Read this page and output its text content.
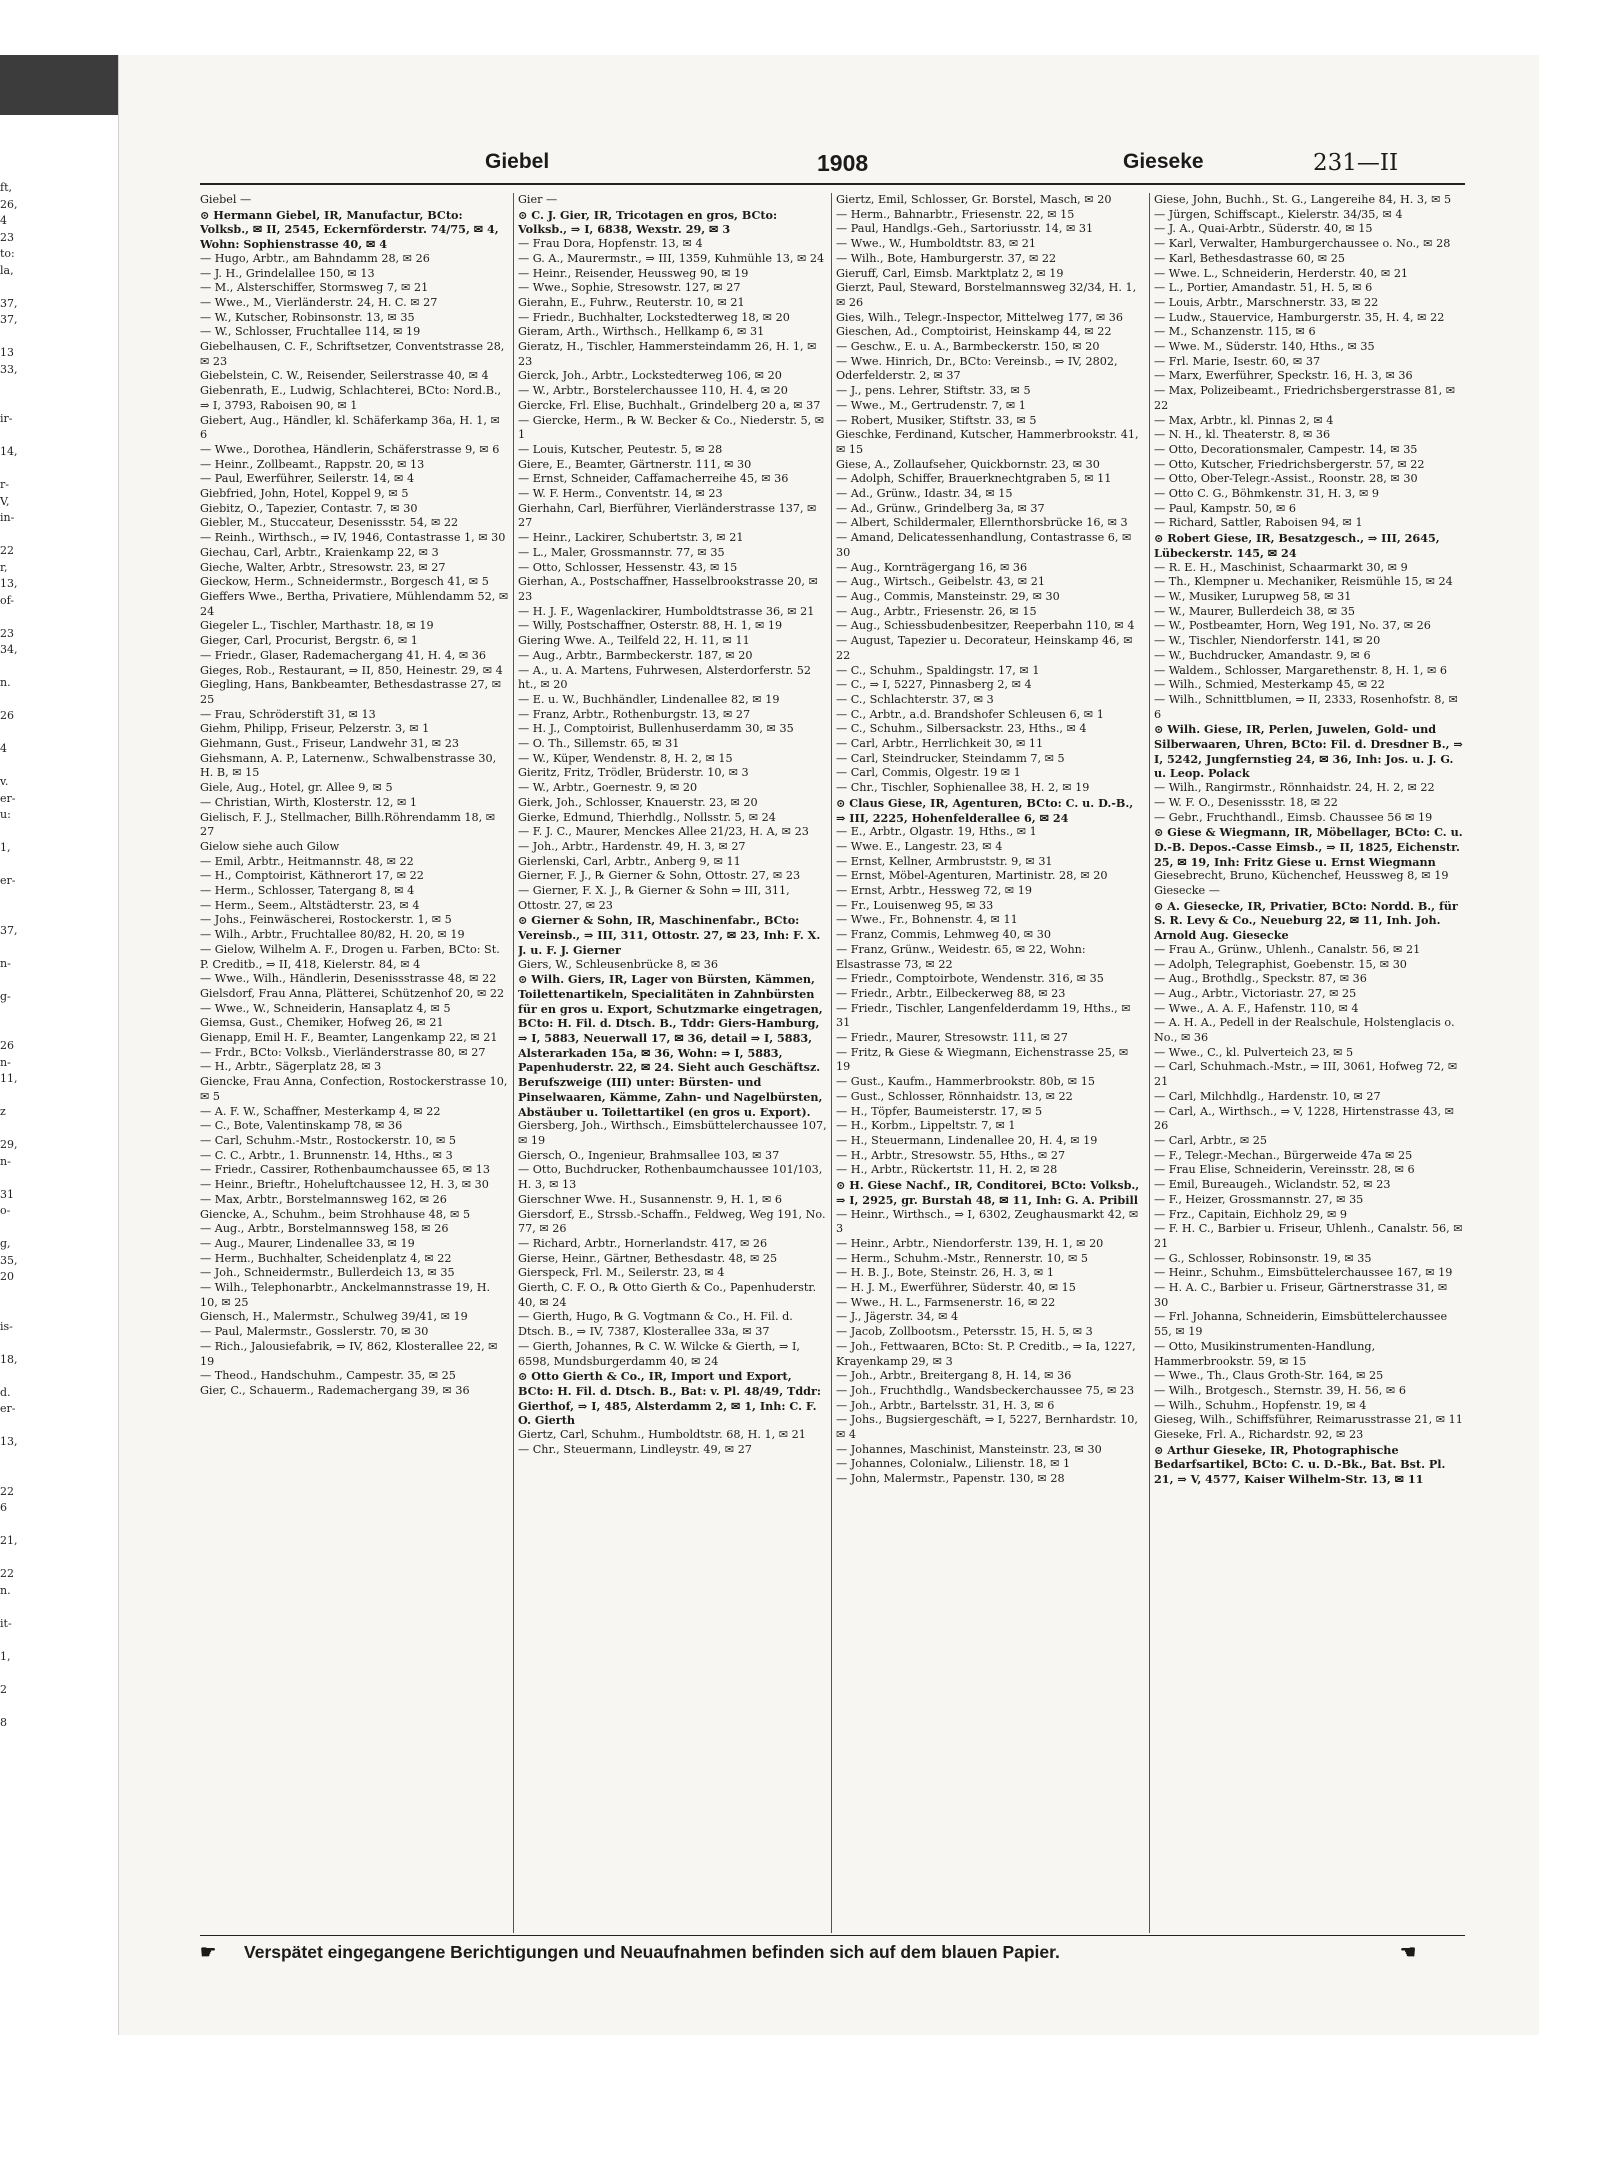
ft,
26,
4
23
to:
la,
37,
37,
13
33,
ir-
14,
r-
V,
in-
22
r,
13,
of-
23
34,
n.
26
4
v.
er-
u:
1,
er-
37,
n-
g-
26
n-
11,
z
29,
n-
31
o-
g,
35,
20
is-
18,
d.
er-
13,
22
6
21,
22
n.
it-
1,
2
8
Giebel	1908	Gieseke	231—II

Giebel —

⊙ Hermann Giebel, IR, Manufactur, BCto: Volksb., ✉ II, 2545, Eckernförderstr. 74/75, ✉ 4, Wohn: Sophienstrasse 40, ✉ 4

— Hugo, Arbtr., am Bahndamm 28, ✉ 26

— J. H., Grindelallee 150, ✉ 13

— M., Alsterschiffer, Stormsweg 7, ✉ 21

— Wwe., M., Vierländerstr. 24, H. C. ✉ 27

— W., Kutscher, Robinsonstr. 13, ✉ 35

— W., Schlosser, Fruchtallee 114, ✉ 19

Giebelhausen, C. F., Schriftsetzer, Conventstrasse 28, ✉ 23

Giebelstein, C. W., Reisender, Seilerstrasse 40, ✉ 4

Giebenrath, E., Ludwig, Schlachterei, BCto: Nord.B., ⇒ I, 3793, Raboisen 90, ✉ 1

Giebert, Aug., Händler, kl. Schäferkamp 36a, H. 1, ✉ 6

— Wwe., Dorothea, Händlerin, Schäferstrasse 9, ✉ 6

— Heinr., Zollbeamt., Rappstr. 20, ✉ 13

— Paul, Ewerführer, Seilerstr. 14, ✉ 4

Giebfried, John, Hotel, Koppel 9, ✉ 5

Giebitz, O., Tapezier, Contastr. 7, ✉ 30

Giebler, M., Stuccateur, Desenissstr. 54, ✉ 22

— Reinh., Wirthsch., ⇒ IV, 1946, Contastrasse 1, ✉ 30

Giechau, Carl, Arbtr., Kraienkamp 22, ✉ 3

Gieche, Walter, Arbtr., Stresowstr. 23, ✉ 27

Gieckow, Herm., Schneidermstr., Borgesch 41, ✉ 5

Gieffers Wwe., Bertha, Privatiere, Mühlendamm 52, ✉ 24

Giegeler L., Tischler, Marthastr. 18, ✉ 19

Gieger, Carl, Procurist, Bergstr. 6, ✉ 1

— Friedr., Glaser, Rademachergang 41, H. 4, ✉ 36

Gieges, Rob., Restaurant, ⇒ II, 850, Heinestr. 29, ✉ 4

Giegling, Hans, Bankbeamter, Bethesdastrasse 27, ✉ 25

— Frau, Schröderstift 31, ✉ 13

Giehm, Philipp, Friseur, Pelzerstr. 3, ✉ 1

Giehmann, Gust., Friseur, Landwehr 31, ✉ 23

Giehsmann, A. P., Laternenw., Schwalbenstrasse 30, H. B, ✉ 15

Giele, Aug., Hotel, gr. Allee 9, ✉ 5

— Christian, Wirth, Klosterstr. 12, ✉ 1

Gielisch, F. J., Stellmacher, Billh.Röhrendamm 18, ✉ 27

Gielow siehe auch Gilow

— Emil, Arbtr., Heitmannstr. 48, ✉ 22

— H., Comptoirist, Käthnerort 17, ✉ 22

— Herm., Schlosser, Tatergang 8, ✉ 4

— Herm., Seem., Altstädterstr. 23, ✉ 4

— Johs., Feinwäscherei, Rostockerstr. 1, ✉ 5

— Wilh., Arbtr., Fruchtallee 80/82, H. 20, ✉ 19

— Gielow, Wilhelm A. F., Drogen u. Farben, BCto: St. P. Creditb., ⇒ II, 418, Kielerstr. 84, ✉ 4

— Wwe., Wilh., Händlerin, Desenissstrasse 48, ✉ 22

Gielsdorf, Frau Anna, Plätterei, Schützenhof 20, ✉ 22

— Wwe., W., Schneiderin, Hansaplatz 4, ✉ 5

Giemsa, Gust., Chemiker, Hofweg 26, ✉ 21

Gienapp, Emil H. F., Beamter, Langenkamp 22, ✉ 21

— Frdr., BCto: Volksb., Vierländerstrasse 80, ✉ 27

— H., Arbtr., Sägerplatz 28, ✉ 3

Giencke, Frau Anna, Confection, Rostockerstrasse 10, ✉ 5

— A. F. W., Schaffner, Mesterkamp 4, ✉ 22

— C., Bote, Valentinskamp 78, ✉ 36

— Carl, Schuhm.-Mstr., Rostockerstr. 10, ✉ 5

— C. C., Arbtr., 1. Brunnenstr. 14, Hths., ✉ 3

— Friedr., Cassirer, Rothenbaumchaussee 65, ✉ 13

— Heinr., Brieftr., Hoheluftchaussee 12, H. 3, ✉ 30

— Max, Arbtr., Borstelmannsweg 162, ✉ 26

Giencke, A., Schuhm., beim Strohhause 48, ✉ 5

— Aug., Arbtr., Borstelmannsweg 158, ✉ 26

— Aug., Maurer, Lindenallee 33, ✉ 19

— Herm., Buchhalter, Scheidenplatz 4, ✉ 22

— Joh., Schneidermstr., Bullerdeich 13, ✉ 35

— Wilh., Telephonarbtr., Anckelmannstrasse 19, H. 10, ✉ 25

Giensch, H., Malermstr., Schulweg 39/41, ✉ 19

— Paul, Malermstr., Gosslerstr. 70, ✉ 30

— Rich., Jalousiefabrik, ⇒ IV, 862, Klosterallee 22, ✉ 19

— Theod., Handschuhm., Campestr. 35, ✉ 25

Gier, C., Schauerm., Rademachergang 39, ✉ 36

Gier —

⊙ C. J. Gier, IR, Tricotagen en gros, BCto: Volksb., ⇒ I, 6838, Wexstr. 29, ✉ 3

— Frau Dora, Hopfenstr. 13, ✉ 4

— G. A., Maurermstr., ⇒ III, 1359, Kuhmühle 13, ✉ 24

— Heinr., Reisender, Heussweg 90, ✉ 19

— Wwe., Sophie, Stresowstr. 127, ✉ 27

Gierahn, E., Fuhrw., Reuterstr. 10, ✉ 21

— Friedr., Buchhalter, Lockstedterweg 18, ✉ 20

Gieram, Arth., Wirthsch., Hellkamp 6, ✉ 31

Gieratz, H., Tischler, Hammersteindamm 26, H. 1, ✉ 23

Gierck, Joh., Arbtr., Lockstedterweg 106, ✉ 20

— W., Arbtr., Borstelerchaussee 110, H. 4, ✉ 20

Giercke, Frl. Elise, Buchhalt., Grindelberg 20 a, ✉ 37

— Giercke, Herm., ℞ W. Becker & Co., Niederstr. 5, ✉ 1

— Louis, Kutscher, Peutestr. 5, ✉ 28

Giere, E., Beamter, Gärtnerstr. 111, ✉ 30

— Ernst, Schneider, Caffamacherreihe 45, ✉ 36

— W. F. Herm., Conventstr. 14, ✉ 23

Gierhahn, Carl, Bierführer, Vierländerstrasse 137, ✉ 27

— Heinr., Lackirer, Schubertstr. 3, ✉ 21

— L., Maler, Grossmannstr. 77, ✉ 35

— Otto, Schlosser, Hessenstr. 43, ✉ 15

Gierhan, A., Postschaffner, Hasselbrookstrasse 20, ✉ 23

— H. J. F., Wagenlackirer, Humboldtstrasse 36, ✉ 21

— Willy, Postschaffner, Osterstr. 88, H. 1, ✉ 19

Giering Wwe. A., Teilfeld 22, H. 11, ✉ 11

— Aug., Arbtr., Barmbeckerstr. 187, ✉ 20

— A., u. A. Martens, Fuhrwesen, Alsterdorferstr. 52 ht., ✉ 20

— E. u. W., Buchhändler, Lindenallee 82, ✉ 19

— Franz, Arbtr., Rothenburgstr. 13, ✉ 27

— H. J., Comptoirist, Bullenhuserdamm 30, ✉ 35

— O. Th., Sillemstr. 65, ✉ 31

— W., Küper, Wendenstr. 8, H. 2, ✉ 15

Gieritz, Fritz, Trödler, Brüderstr. 10, ✉ 3

— W., Arbtr., Goernestr. 9, ✉ 20

Gierk, Joh., Schlosser, Knauerstr. 23, ✉ 20

Gierke, Edmund, Thierhdlg., Nollsstr. 5, ✉ 24

— F. J. C., Maurer, Menckes Allee 21/23, H. A, ✉ 23

— Joh., Arbtr., Hardenstr. 49, H. 3, ✉ 27

Gierlenski, Carl, Arbtr., Anberg 9, ✉ 11

Gierner, F. J., ℞ Gierner & Sohn, Ottostr. 27, ✉ 23

— Gierner, F. X. J., ℞ Gierner & Sohn ⇒ III, 311, Ottostr. 27, ✉ 23

⊙ Gierner & Sohn, IR, Maschinenfabr., BCto: Vereinsb., ⇒ III, 311, Ottostr. 27, ✉ 23, Inh: F. X. J. u. F. J. Gierner

Giers, W., Schleusenbrücke 8, ✉ 36

⊙ Wilh. Giers, IR, Lager von Bürsten, Kämmen, Toilettenartikeln, Specialitäten in Zahnbürsten für en gros u. Export, Schutzmarke eingetragen, BCto: H. Fil. d. Dtsch. B., Tddr: Giers-Hamburg, ⇒ I, 5883, Neuerwall 17, ✉ 36, detail ⇒ I, 5883, Alsterarkaden 15a, ✉ 36, Wohn: ⇒ I, 5883, Papenhuderstr. 22, ✉ 24. Sieht auch Geschäftsz. Berufszweige (III) unter: Bürsten- und Pinselwaaren, Kämme, Zahn- und Nagelbürsten, Abstäuber u. Toilettartikel (en gros u. Export).

Giersberg, Joh., Wirthsch., Eimsbüttelerchaussee 107, ✉ 19

Giersch, O., Ingenieur, Brahmsallee 103, ✉ 37

— Otto, Buchdrucker, Rothenbaumchaussee 101/103, H. 3, ✉ 13

Gierschner Wwe. H., Susannenstr. 9, H. 1, ✉ 6

Giersdorf, E., Strssb.-Schaffn., Feldweg, Weg 191, No. 77, ✉ 26

— Richard, Arbtr., Hornerlandstr. 417, ✉ 26

Gierse, Heinr., Gärtner, Bethesdastr. 48, ✉ 25

Gierspeck, Frl. M., Seilerstr. 23, ✉ 4

Gierth, C. F. O., ℞ Otto Gierth & Co., Papenhuderstr. 40, ✉ 24

— Gierth, Hugo, ℞ G. Vogtmann & Co., H. Fil. d. Dtsch. B., ⇒ IV, 7387, Klosterallee 33a, ✉ 37

— Gierth, Johannes, ℞ C. W. Wilcke & Gierth, ⇒ I, 6598, Mundsburgerdamm 40, ✉ 24

⊙ Otto Gierth & Co., IR, Import und Export, BCto: H. Fil. d. Dtsch. B., Bat: v. Pl. 48/49, Tddr: Gierthof, ⇒ I, 485, Alsterdamm 2, ✉ 1, Inh: C. F. O. Gierth

Giertz, Carl, Schuhm., Humboldtstr. 68, H. 1, ✉ 21

— Chr., Steuermann, Lindleystr. 49, ✉ 27

Giertz, Emil, Schlosser, Gr. Borstel, Masch, ✉ 20

— Herm., Bahnarbtr., Friesenstr. 22, ✉ 15

— Paul, Handlgs.-Geh., Sartoriusstr. 14, ✉ 31

— Wwe., W., Humboldtstr. 83, ✉ 21

— Wilh., Bote, Hamburgerstr. 37, ✉ 22

Gieruff, Carl, Eimsb. Marktplatz 2, ✉ 19

Gierzt, Paul, Steward, Borstelmannsweg 32/34, H. 1, ✉ 26

Gies, Wilh., Telegr.-Inspector, Mittelweg 177, ✉ 36

Gieschen, Ad., Comptoirist, Heinskamp 44, ✉ 22

— Geschw., E. u. A., Barmbeckerstr. 150, ✉ 20

— Wwe. Hinrich, Dr., BCto: Vereinsb., ⇒ IV, 2802, Oderfelderstr. 2, ✉ 37

— J., pens. Lehrer, Stiftstr. 33, ✉ 5

— Wwe., M., Gertrudenstr. 7, ✉ 1

— Robert, Musiker, Stiftstr. 33, ✉ 5

Gieschke, Ferdinand, Kutscher, Hammerbrookstr. 41, ✉ 15

Giese, A., Zollaufseher, Quickbornstr. 23, ✉ 30

— Adolph, Schiffer, Brauerknechtgraben 5, ✉ 11

— Ad., Grünw., Idastr. 34, ✉ 15

— Ad., Grünw., Grindelberg 3a, ✉ 37

— Albert, Schildermaler, Ellernthorsbrücke 16, ✉ 3

— Amand, Delicatessenhandlung, Contastrasse 6, ✉ 30

— Aug., Kornträgergang 16, ✉ 36

— Aug., Wirtsch., Geibelstr. 43, ✉ 21

— Aug., Commis, Mansteinstr. 29, ✉ 30

— Aug., Arbtr., Friesenstr. 26, ✉ 15

— Aug., Schiessbudenbesitzer, Reeperbahn 110, ✉ 4

— August, Tapezier u. Decorateur, Heinskamp 46, ✉ 22

— C., Schuhm., Spaldingstr. 17, ✉ 1

— C., ⇒ I, 5227, Pinnasberg 2, ✉ 4

— C., Schlachterstr. 37, ✉ 3

— C., Arbtr., a.d. Brandshofer Schleusen 6, ✉ 1

— C., Schuhm., Silbersackstr. 23, Hths., ✉ 4

— Carl, Arbtr., Herrlichkeit 30, ✉ 11

— Carl, Steindrucker, Steindamm 7, ✉ 5

— Carl, Commis, Olgestr. 19 ✉ 1

— Chr., Tischler, Sophienallee 38, H. 2, ✉ 19

⊙ Claus Giese, IR, Agenturen, BCto: C. u. D.-B., ⇒ III, 2225, Hohenfelderallee 6, ✉ 24

— E., Arbtr., Olgastr. 19, Hths., ✉ 1

— Wwe. E., Langestr. 23, ✉ 4

— Ernst, Kellner, Armbruststr. 9, ✉ 31

— Ernst, Möbel-Agenturen, Martinistr. 28, ✉ 20

— Ernst, Arbtr., Hessweg 72, ✉ 19

— Fr., Louisenweg 95, ✉ 33

— Wwe., Fr., Bohnenstr. 4, ✉ 11

— Franz, Commis, Lehmweg 40, ✉ 30

— Franz, Grünw., Weidestr. 65, ✉ 22, Wohn: Elsastrasse 73, ✉ 22

— Friedr., Comptoirbote, Wendenstr. 316, ✉ 35

— Friedr., Arbtr., Eilbeckerweg 88, ✉ 23

— Friedr., Tischler, Langenfelderdamm 19, Hths., ✉ 31

— Friedr., Maurer, Stresowstr. 111, ✉ 27

— Fritz, ℞ Giese & Wiegmann, Eichenstrasse 25, ✉ 19

— Gust., Kaufm., Hammerbrookstr. 80b, ✉ 15

— Gust., Schlosser, Rönnhaidstr. 13, ✉ 22

— H., Töpfer, Baumeisterstr. 17, ✉ 5

— H., Korbm., Lippeltstr. 7, ✉ 1

— H., Steuermann, Lindenallee 20, H. 4, ✉ 19

— H., Arbtr., Stresowstr. 55, Hths., ✉ 27

— H., Arbtr., Rückertstr. 11, H. 2, ✉ 28

⊙ H. Giese Nachf., IR, Conditorei, BCto: Volksb., ⇒ I, 2925, gr. Burstah 48, ✉ 11, Inh: G. A. Pribill

— Heinr., Wirthsch., ⇒ I, 6302, Zeughausmarkt 42, ✉ 3

— Heinr., Arbtr., Niendorferstr. 139, H. 1, ✉ 20

— Herm., Schuhm.-Mstr., Rennerstr. 10, ✉ 5

— H. B. J., Bote, Steinstr. 26, H. 3, ✉ 1

— H. J. M., Ewerführer, Süderstr. 40, ✉ 15

— Wwe., H. L., Farmsenerstr. 16, ✉ 22

— J., Jägerstr. 34, ✉ 4

— Jacob, Zollbootsm., Petersstr. 15, H. 5, ✉ 3

— Joh., Fettwaaren, BCto: St. P. Creditb., ⇒ Ia, 1227, Krayenkamp 29, ✉ 3

— Joh., Arbtr., Breitergang 8, H. 14, ✉ 36

— Joh., Fruchthdlg., Wandsbeckerchaussee 75, ✉ 23

— Joh., Arbtr., Bartelsstr. 31, H. 3, ✉ 6

— Johs., Bugsiergeschäft, ⇒ I, 5227, Bernhardstr. 10, ✉ 4

— Johannes, Maschinist, Mansteinstr. 23, ✉ 30

— Johannes, Colonialw., Lilienstr. 18, ✉ 1

— John, Malermstr., Papenstr. 130, ✉ 28

Giese, John, Buchh., St. G., Langereihe 84, H. 3, ✉ 5

— Jürgen, Schiffscapt., Kielerstr. 34/35, ✉ 4

— J. A., Quai-Arbtr., Süderstr. 40, ✉ 15

— Karl, Verwalter, Hamburgerchaussee o. No., ✉ 28

— Karl, Bethesdastrasse 60, ✉ 25

— Wwe. L., Schneiderin, Herderstr. 40, ✉ 21

— L., Portier, Amandastr. 51, H. 5, ✉ 6

— Louis, Arbtr., Marschnerstr. 33, ✉ 22

— Ludw., Stauervice, Hamburgerstr. 35, H. 4, ✉ 22

— M., Schanzenstr. 115, ✉ 6

— Wwe. M., Süderstr. 140, Hths., ✉ 35

— Frl. Marie, Isestr. 60, ✉ 37

— Marx, Ewerführer, Speckstr. 16, H. 3, ✉ 36

— Max, Polizeibeamt., Friedrichsbergerstrasse 81, ✉ 22

— Max, Arbtr., kl. Pinnas 2, ✉ 4

— N. H., kl. Theaterstr. 8, ✉ 36

— Otto, Decorationsmaler, Campestr. 14, ✉ 35

— Otto, Kutscher, Friedrichsbergerstr. 57, ✉ 22

— Otto, Ober-Telegr.-Assist., Roonstr. 28, ✉ 30

— Otto C. G., Böhmkenstr. 31, H. 3, ✉ 9

— Paul, Kampstr. 50, ✉ 6

— Richard, Sattler, Raboisen 94, ✉ 1

⊙ Robert Giese, IR, Besatzgesch., ⇒ III, 2645, Lübeckerstr. 145, ✉ 24

— R. E. H., Maschinist, Schaarmarkt 30, ✉ 9

— Th., Klempner u. Mechaniker, Reismühle 15, ✉ 24

— W., Musiker, Lurupweg 58, ✉ 31

— W., Maurer, Bullerdeich 38, ✉ 35

— W., Postbeamter, Horn, Weg 191, No. 37, ✉ 26

— W., Tischler, Niendorferstr. 141, ✉ 20

— W., Buchdrucker, Amandastr. 9, ✉ 6

— Waldem., Schlosser, Margarethenstr. 8, H. 1, ✉ 6

— Wilh., Schmied, Mesterkamp 45, ✉ 22

— Wilh., Schnittblumen, ⇒ II, 2333, Rosenhofstr. 8, ✉ 6

⊙ Wilh. Giese, IR, Perlen, Juwelen, Gold- und Silberwaaren, Uhren, BCto: Fil. d. Dresdner B., ⇒ I, 5242, Jungfernstieg 24, ✉ 36, Inh: Jos. u. J. G. u. Leop. Polack

— Wilh., Rangirmstr., Rönnhaidstr. 24, H. 2, ✉ 22

— W. F. O., Desenissstr. 18, ✉ 22

— Gebr., Fruchthandl., Eimsb. Chaussee 56 ✉ 19

⊙ Giese & Wiegmann, IR, Möbellager, BCto: C. u. D.-B. Depos.-Casse Eimsb., ⇒ II, 1825, Eichenstr. 25, ✉ 19, Inh: Fritz Giese u. Ernst Wiegmann

Giesebrecht, Bruno, Küchenchef, Heussweg 8, ✉ 19

Giesecke —

⊙ A. Giesecke, IR, Privatier, BCto: Nordd. B., für S. R. Levy & Co., Neueburg 22, ✉ 11, Inh. Joh. Arnold Aug. Giesecke

— Frau A., Grünw., Uhlenh., Canalstr. 56, ✉ 21

— Adolph, Telegraphist, Goebenstr. 15, ✉ 30

— Aug., Brothdlg., Speckstr. 87, ✉ 36

— Aug., Arbtr., Victoriastr. 27, ✉ 25

— Wwe., A. A. F., Hafenstr. 110, ✉ 4

— A. H. A., Pedell in der Realschule, Holstenglacis o. No., ✉ 36

— Wwe., C., kl. Pulverteich 23, ✉ 5

— Carl, Schuhmach.-Mstr., ⇒ III, 3061, Hofweg 72, ✉ 21

— Carl, Milchhdlg., Hardenstr. 10, ✉ 27

— Carl, A., Wirthsch., ⇒ V, 1228, Hirtenstrasse 43, ✉ 26

— Carl, Arbtr., ✉ 25

— F., Telegr.-Mechan., Bürgerweide 47a ✉ 25

— Frau Elise, Schneiderin, Vereinsstr. 28, ✉ 6

— Emil, Bureaugeh., Wiclandstr. 52, ✉ 23

— F., Heizer, Grossmannstr. 27, ✉ 35

— Frz., Capitain, Eichholz 29, ✉ 9

— F. H. C., Barbier u. Friseur, Uhlenh., Canalstr. 56, ✉ 21

— G., Schlosser, Robinsonstr. 19, ✉ 35

— Heinr., Schuhm., Eimsbüttelerchaussee 167, ✉ 19

— H. A. C., Barbier u. Friseur, Gärtnerstrasse 31, ✉ 30

— Frl. Johanna, Schneiderin, Eimsbüttelerchaussee 55, ✉ 19

— Otto, Musikinstrumenten-Handlung, Hammerbrookstr. 59, ✉ 15

— Wwe., Th., Claus Groth-Str. 164, ✉ 25

— Wilh., Brotgesch., Sternstr. 39, H. 56, ✉ 6

— Wilh., Schuhm., Hopfenstr. 19, ✉ 4

Gieseg, Wilh., Schiffsführer, Reimarusstrasse 21, ✉ 11

Gieseke, Frl. A., Richardstr. 92, ✉ 23

⊙ Arthur Gieseke, IR, Photographische Bedarfsartikel, BCto: C. u. D.-Bk., Bat. Bst. Pl. 21, ⇒ V, 4577, Kaiser Wilhelm-Str. 13, ✉ 11

☛ Verspätet eingegangene Berichtigungen und Neuaufnahmen befinden sich auf dem blauen Papier.	☚
